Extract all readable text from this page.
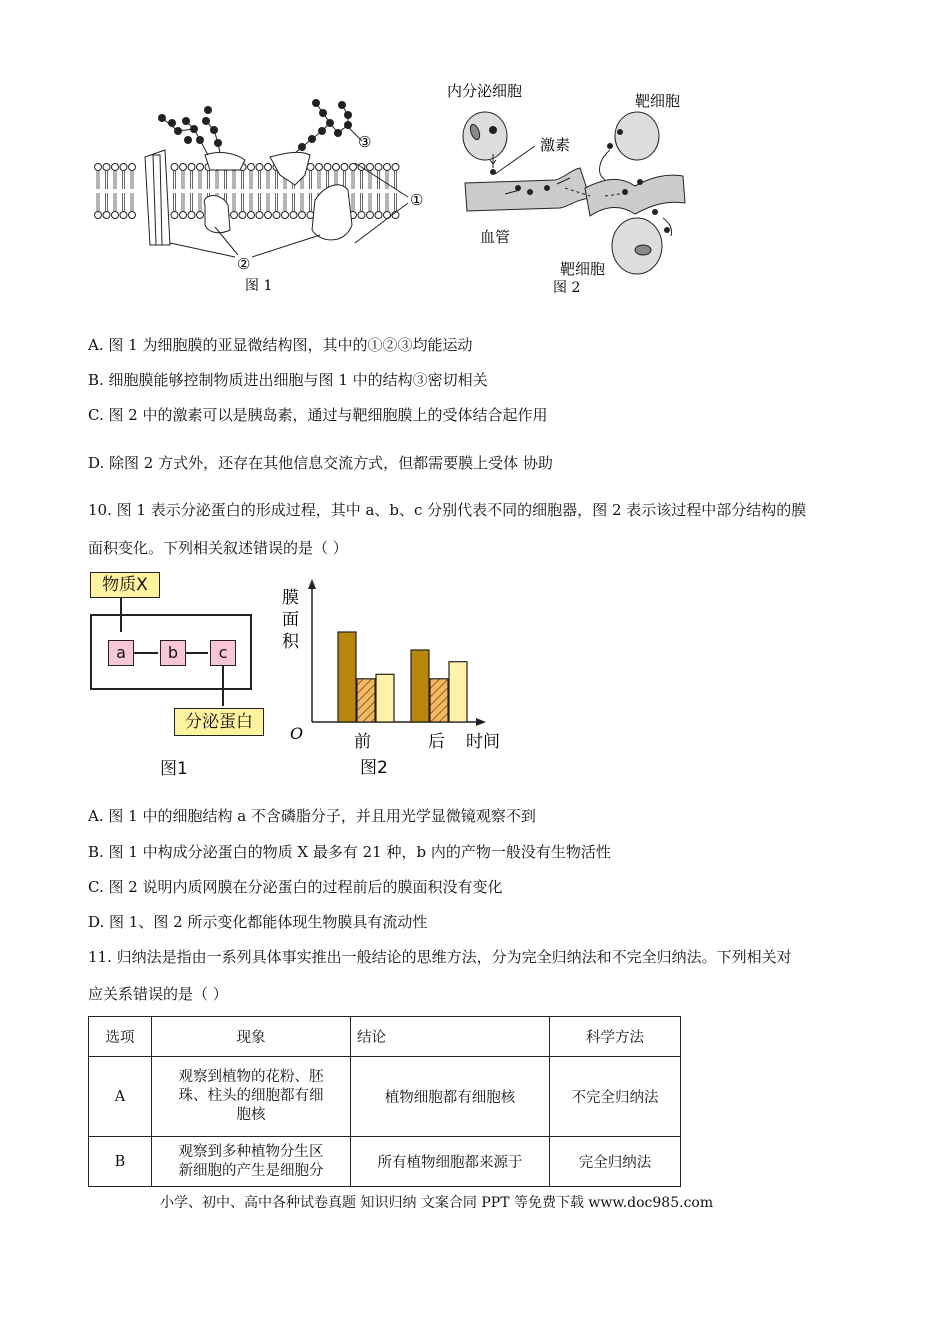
③
①
②
图 1
内分泌细胞
激素
靶细胞
血管
靶细胞
图 2
A. 图 1 为细胞膜的亚显微结构图，其中的①②③均能运动
B. 细胞膜能够控制物质进出细胞与图 1 中的结构③密切相关
C. 图 2 中的激素可以是胰岛素，通过与靶细胞膜上的受体结合起作用
D. 除图 2 方式外，还存在其他信息交流方式，但都需要膜上受体 协助
10. 图 1 表示分泌蛋白的形成过程，其中 a、b、c 分别代表不同的细胞器，图 2 表示该过程中部分结构的膜
面积变化。下列相关叙述错误的是（ ）
物质X
a	b	c
分泌蛋白
图1
膜
面
积
O	前	后 时间
图2
A. 图 1 中的细胞结构 a 不含磷脂分子，并且用光学显微镜观察不到
B. 图 1 中构成分泌蛋白的物质 X 最多有 21 种，b 内的产物一般没有生物活性
C. 图 2 说明内质网膜在分泌蛋白的过程前后的膜面积没有变化
D. 图 1、图 2 所示变化都能体现生物膜具有流动性
11. 归纳法是指由一系列具体事实推出一般结论的思维方法，分为完全归纳法和不完全归纳法。下列相关对
应关系错误的是（ ）
选项	现象	结论	科学方法
A	观察到植物的花粉、胚
珠、柱头的细胞都有细
胞核	植物细胞都有细胞核	不完全归纳法
B	观察到多种植物分生区
新细胞的产生是细胞分	所有植物细胞都来源于	完全归纳法
小学、初中、高中各种试卷真题 知识归纳 文案合同 PPT 等免费下载 www.doc985.com
